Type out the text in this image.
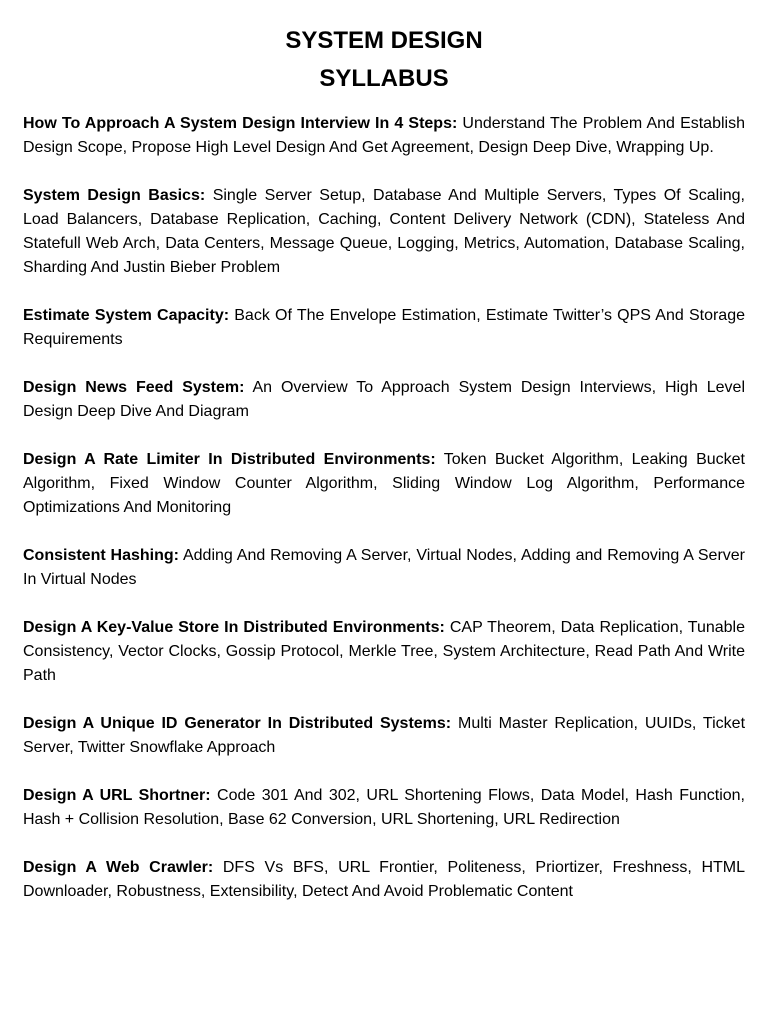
SYSTEM DESIGN
SYLLABUS

How To Approach A System Design Interview In 4 Steps: Understand The Problem And Establish Design Scope, Propose High Level Design And Get Agreement, Design Deep Dive, Wrapping Up.

System Design Basics: Single Server Setup, Database And Multiple Servers, Types Of Scaling, Load Balancers, Database Replication, Caching, Content Delivery Network (CDN), Stateless And Statefull Web Arch, Data Centers, Message Queue, Logging, Metrics, Automation, Database Scaling, Sharding And Justin Bieber Problem

Estimate System Capacity: Back Of The Envelope Estimation, Estimate Twitter’s QPS And Storage Requirements

Design News Feed System: An Overview To Approach System Design Interviews, High Level Design Deep Dive And Diagram

Design A Rate Limiter In Distributed Environments: Token Bucket Algorithm, Leaking Bucket Algorithm, Fixed Window Counter Algorithm, Sliding Window Log Algorithm, Performance Optimizations And Monitoring

Consistent Hashing: Adding And Removing A Server, Virtual Nodes, Adding and Removing A Server In Virtual Nodes

Design A Key-Value Store In Distributed Environments: CAP Theorem, Data Replication, Tunable Consistency, Vector Clocks, Gossip Protocol, Merkle Tree, System Architecture, Read Path And Write Path

Design A Unique ID Generator In Distributed Systems: Multi Master Replication, UUIDs, Ticket Server, Twitter Snowflake Approach

Design A URL Shortner: Code 301 And 302, URL Shortening Flows, Data Model, Hash Function, Hash + Collision Resolution, Base 62 Conversion, URL Shortening, URL Redirection

Design A Web Crawler: DFS Vs BFS, URL Frontier, Politeness, Priortizer, Freshness, HTML Downloader, Robustness, Extensibility, Detect And Avoid Problematic Content
